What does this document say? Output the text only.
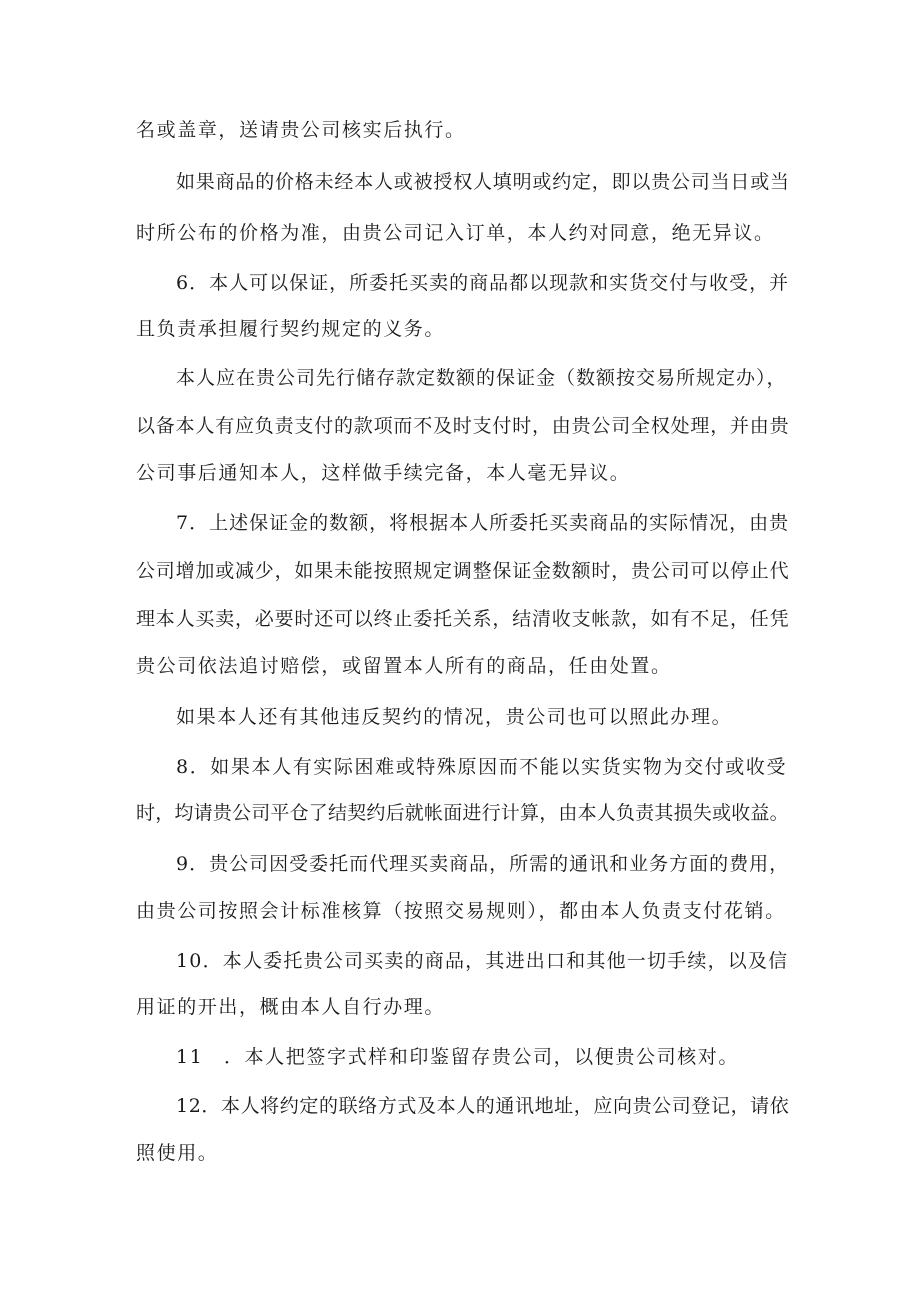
名或盖章，送请贵公司核实后执行。

如果商品的价格未经本人或被授权人填明或约定，即以贵公司当日或当

时所公布的价格为准，由贵公司记入订单，本人约对同意，绝无异议。

6．本人可以保证，所委托买卖的商品都以现款和实货交付与收受，并

且负责承担履行契约规定的义务。

本人应在贵公司先行储存款定数额的保证金（数额按交易所规定办），

以备本人有应负责支付的款项而不及时支付时，由贵公司全权处理，并由贵

公司事后通知本人，这样做手续完备，本人毫无异议。

7．上述保证金的数额，将根据本人所委托买卖商品的实际情况，由贵

公司增加或减少，如果未能按照规定调整保证金数额时，贵公司可以停止代

理本人买卖，必要时还可以终止委托关系，结清收支帐款，如有不足，任凭

贵公司依法追讨赔偿，或留置本人所有的商品，任由处置。

如果本人还有其他违反契约的情况，贵公司也可以照此办理。

8．如果本人有实际困难或特殊原因而不能以实货实物为交付或收受

时，均请贵公司平仓了结契约后就帐面进行计算，由本人负责其损失或收益。

9．贵公司因受委托而代理买卖商品，所需的通讯和业务方面的费用，

由贵公司按照会计标准核算（按照交易规则），都由本人负责支付花销。

10．本人委托贵公司买卖的商品，其进出口和其他一切手续，以及信

用证的开出，概由本人自行办理。

11　．本人把签字式样和印鉴留存贵公司，以便贵公司核对。

12．本人将约定的联络方式及本人的通讯地址，应向贵公司登记，请依

照使用。
